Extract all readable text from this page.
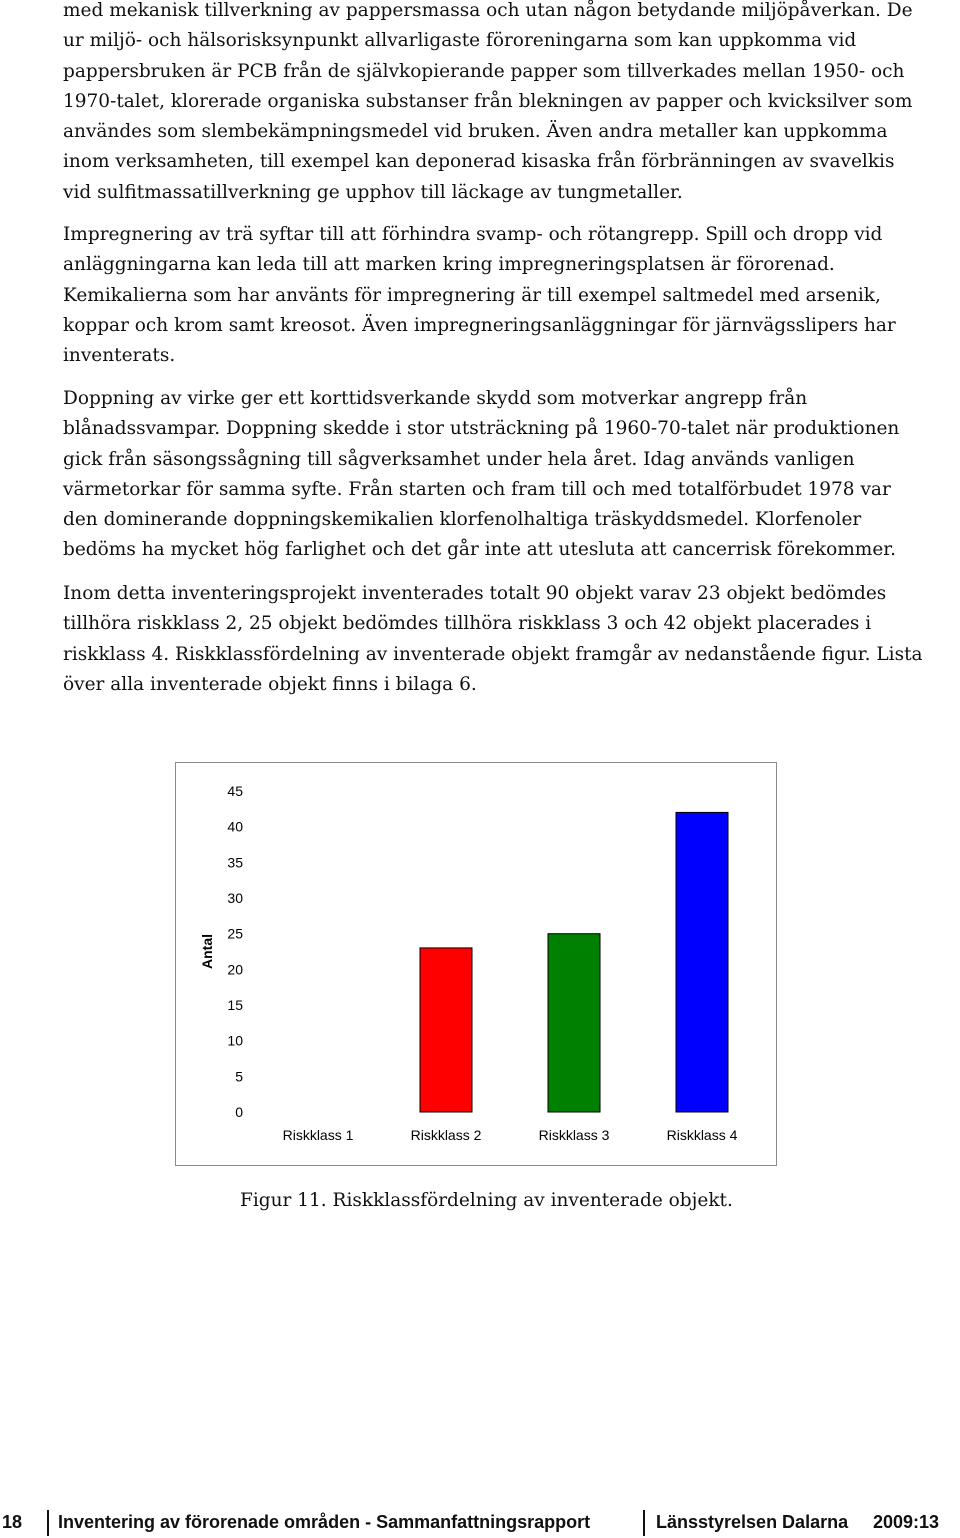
med mekanisk tillverkning av pappersmassa och utan någon betydande miljöpåverkan. De
ur miljö- och hälsorisksynpunkt allvarligaste föroreningarna som kan uppkomma vid
pappersbruken är PCB från de självkopierande papper som tillverkades mellan 1950- och
1970-talet, klorerade organiska substanser från blekningen av papper och kvicksilver som
användes som slembekämpningsmedel vid bruken. Även andra metaller kan uppkomma
inom verksamheten, till exempel kan deponerad kisaska från förbränningen av svavelkis
vid sulfitmassatillverkning ge upphov till läckage av tungmetaller.
Impregnering av trä syftar till att förhindra svamp- och rötangrepp. Spill och dropp vid
anläggningarna kan leda till att marken kring impregneringsplatsen är förorenad.
Kemikalierna som har använts för impregnering är till exempel saltmedel med arsenik,
koppar och krom samt kreosot. Även impregneringsanläggningar för järnvägsslipers har
inventerats.
Doppning av virke ger ett korttidsverkande skydd som motverkar angrepp från
blånadssvampar. Doppning skedde i stor utsträckning på 1960-70-talet när produktionen
gick från säsongssågning till sågverksamhet under hela året. Idag används vanligen
värmetorkar för samma syfte. Från starten och fram till och med totalförbudet 1978 var
den dominerande doppningskemikalien klorfenolhaltiga träskyddsmedel. Klorfenoler
bedöms ha mycket hög farlighet och det går inte att utesluta att cancerrisk förekommer.
Inom detta inventeringsprojekt inventerades totalt 90 objekt varav 23 objekt bedömdes
tillhöra riskklass 2, 25 objekt bedömdes tillhöra riskklass 3 och 42 objekt placerades i
riskklass 4. Riskklassfördelning av inventerade objekt framgår av nedanstående figur. Lista
över alla inventerade objekt finns i bilaga 6.
Antal
0
5
10
15
20
25
30
35
40
45
Riskklass 1	Riskklass 2	Riskklass 3	Riskklass 4
Figur 11. Riskklassfördelning av inventerade objekt.
18 Inventering av förorenade områden - Sammanfattningsrapport	Länsstyrelsen Dalarna 2009:13
